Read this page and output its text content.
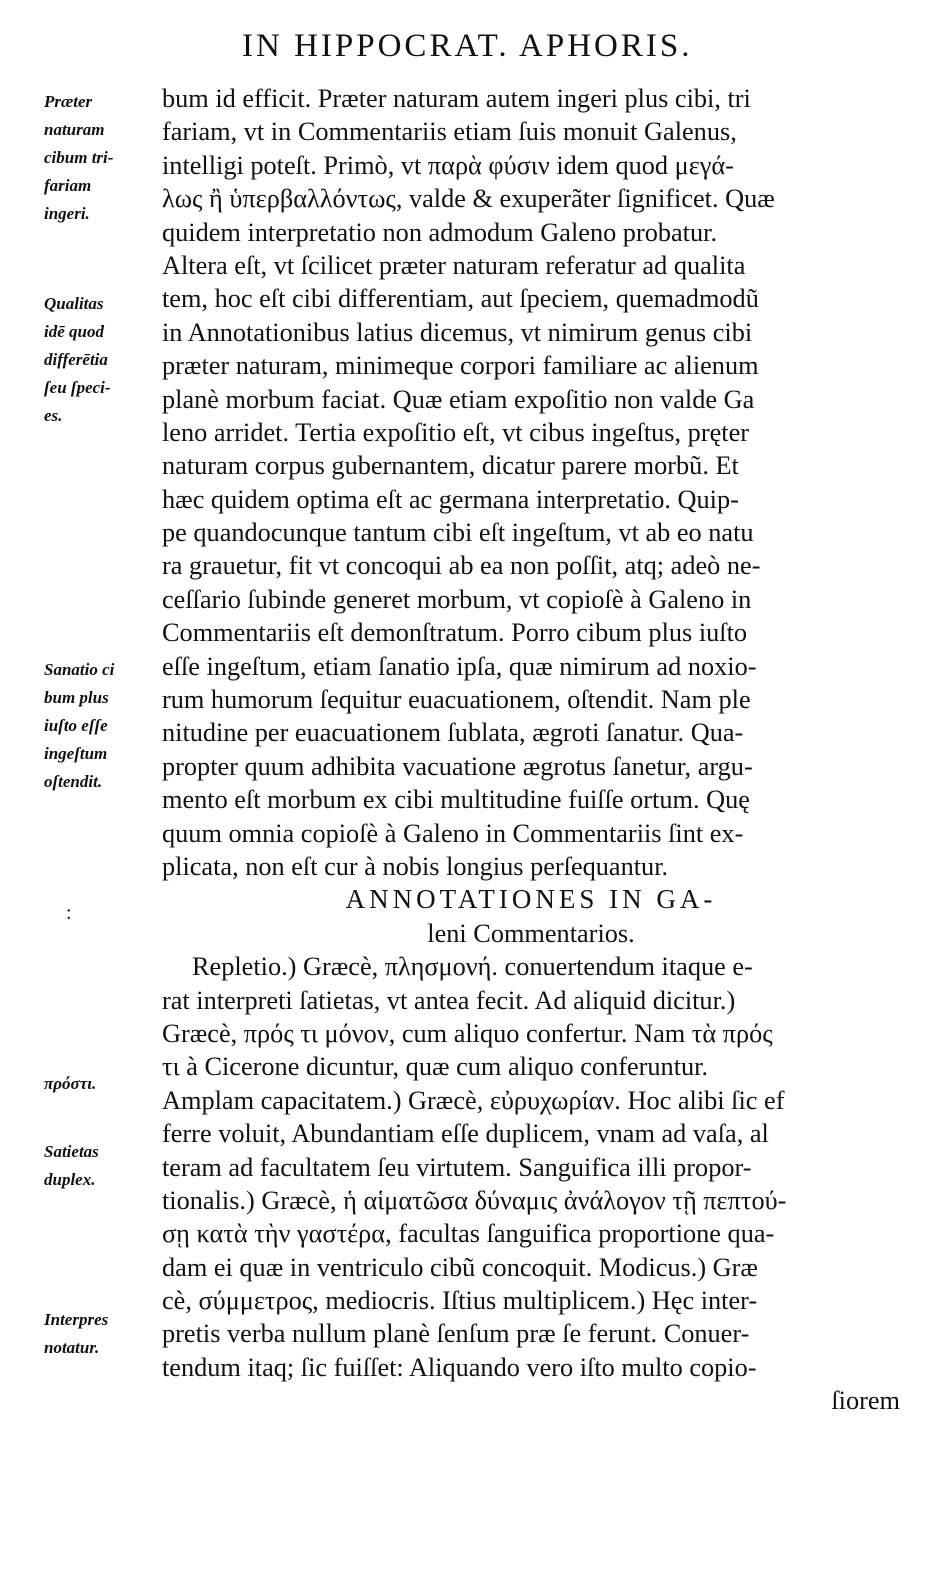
IN HIPPOCRAT. APHORIS.
bum id efficit. Præter naturam autem ingeri plus cibi, tri
fariam, vt in Commentariis etiam ſuis monuit Galenus,
intelligi poteſt. Primò, vt παρὰ φύσιν idem quod μεγά-
λως ἢ ὑπερβαλλόντως, valde & exuperãter ſignificet. Quæ
quidem interpretatio non admodum Galeno probatur.
Altera eſt, vt ſcilicet præter naturam referatur ad qualita
tem, hoc eſt cibi differentiam, aut ſpeciem, quemadmodũ
in Annotationibus latius dicemus, vt nimirum genus cibi
præter naturam, minimeque corpori familiare ac alienum
planè morbum faciat. Quæ etiam expoſitio non valde Ga
leno arridet. Tertia expoſitio eſt, vt cibus ingeſtus, pręter
naturam corpus gubernantem, dicatur parere morbũ. Et
hæc quidem optima eſt ac germana interpretatio. Quip-
pe quandocunque tantum cibi eſt ingeſtum, vt ab eo natu
ra grauetur, fit vt concoqui ab ea non poſſit, atq; adeò ne-
ceſſario ſubinde generet morbum, vt copioſè à Galeno in
Commentariis eſt demonſtratum. Porro cibum plus iuſto
eſſe ingeſtum, etiam ſanatio ipſa, quæ nimirum ad noxio-
rum humorum ſequitur euacuationem, oſtendit. Nam ple
nitudine per euacuationem ſublata, ægroti ſanatur. Qua-
propter quum adhibita vacuatione ægrotus ſanetur, argu-
mento eſt morbum ex cibi multitudine fuiſſe ortum. Quę
quum omnia copioſè à Galeno in Commentariis ſint ex-
plicata, non eſt cur à nobis longius perſequantur.
ANNOTATIONES IN GA-
leni Commentarios.
Repletio.) Græcè, πλησμονή. conuertendum itaque e-
rat interpreti ſatietas, vt antea fecit. Ad aliquid dicitur.)
Græcè, πρός τι μόνον, cum aliquo confertur. Nam τὰ πρός
τι à Cicerone dicuntur, quæ cum aliquo conferuntur.
Amplam capacitatem.) Græcè, εὐρυχωρίαν. Hoc alibi ſic ef
ferre voluit, Abundantiam eſſe duplicem, vnam ad vaſa, al
teram ad facultatem ſeu virtutem. Sanguifica illi propor-
tionalis.) Græcè, ἡ αἱματῶσα δύναμις ἀνάλογον τῇ πεπτού-
σῃ κατὰ τὴν γαστέρα, facultas ſanguifica proportione qua-
dam ei quæ in ventriculo cibũ concoquit. Modicus.) Græ
cè, σύμμετρος, mediocris. Iſtius multiplicem.) Hęc inter-
pretis verba nullum planè ſenſum præ ſe ferunt. Conuer-
tendum itaq; ſic fuiſſet: Aliquando vero iſto multo copio-
ſiorem
Præter
naturam
cibum tri-
fariam
ingeri.
Qualitas
idē quod
differētia
ſeu ſpeci-
es.
Sanatio ci
bum plus
iuſto eſſe
ingeſtum
oſtendit.
:
πρόστι.
Satietas
duplex.
Interpres
notatur.
